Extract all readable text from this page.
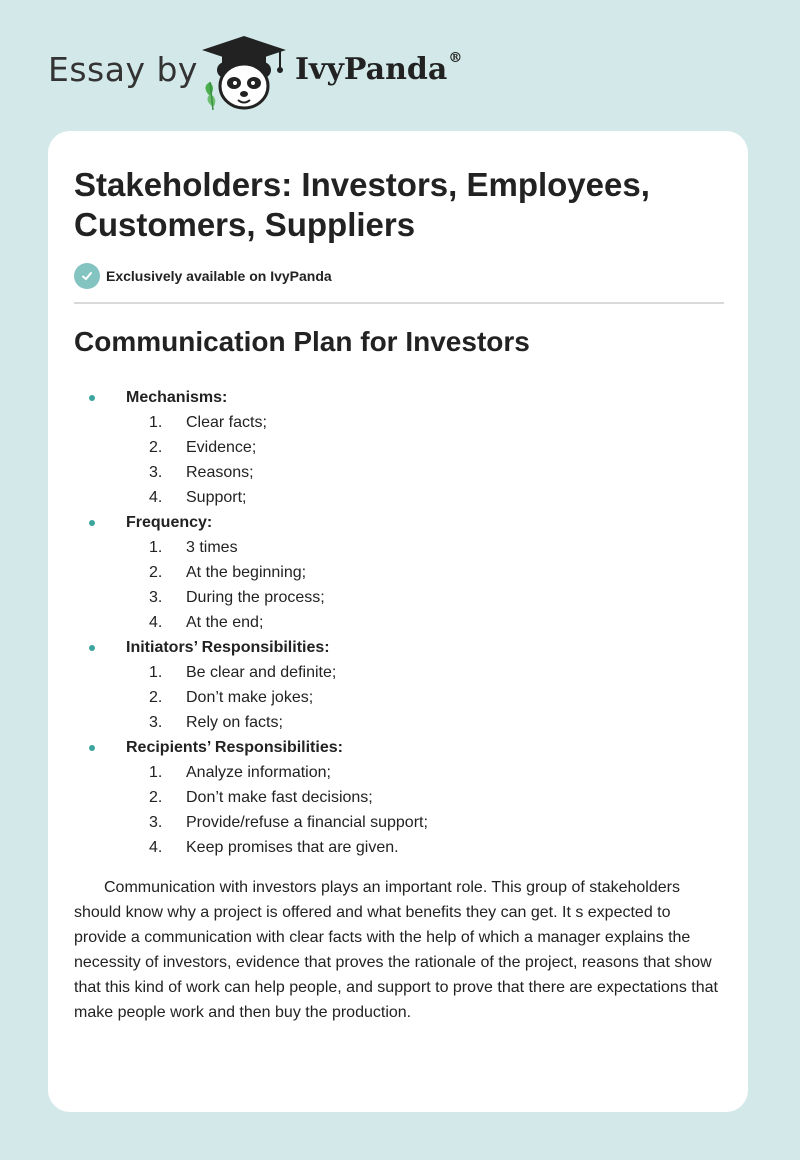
Essay by	IvyPanda®
Stakeholders: Investors, Employees, Customers, Suppliers
Exclusively available on IvyPanda
Communication Plan for Investors
Mechanisms:
1.	Clear facts;
2.	Evidence;
3.	Reasons;
4.	Support;
Frequency:
1.	3 times
2.	At the beginning;
3.	During the process;
4.	At the end;
Initiators’ Responsibilities:
1.	Be clear and definite;
2.	Don’t make jokes;
3.	Rely on facts;
Recipients’ Responsibilities:
1.	Analyze information;
2.	Don’t make fast decisions;
3.	Provide/refuse a financial support;
4.	Keep promises that are given.

Communication with investors plays an important role. This group of stakeholders should know why a project is offered and what benefits they can get. It s expected to provide a communication with clear facts with the help of which a manager explains the necessity of investors, evidence that proves the rationale of the project, reasons that show that this kind of work can help people, and support to prove that there are expectations that make people work and then buy the production.
